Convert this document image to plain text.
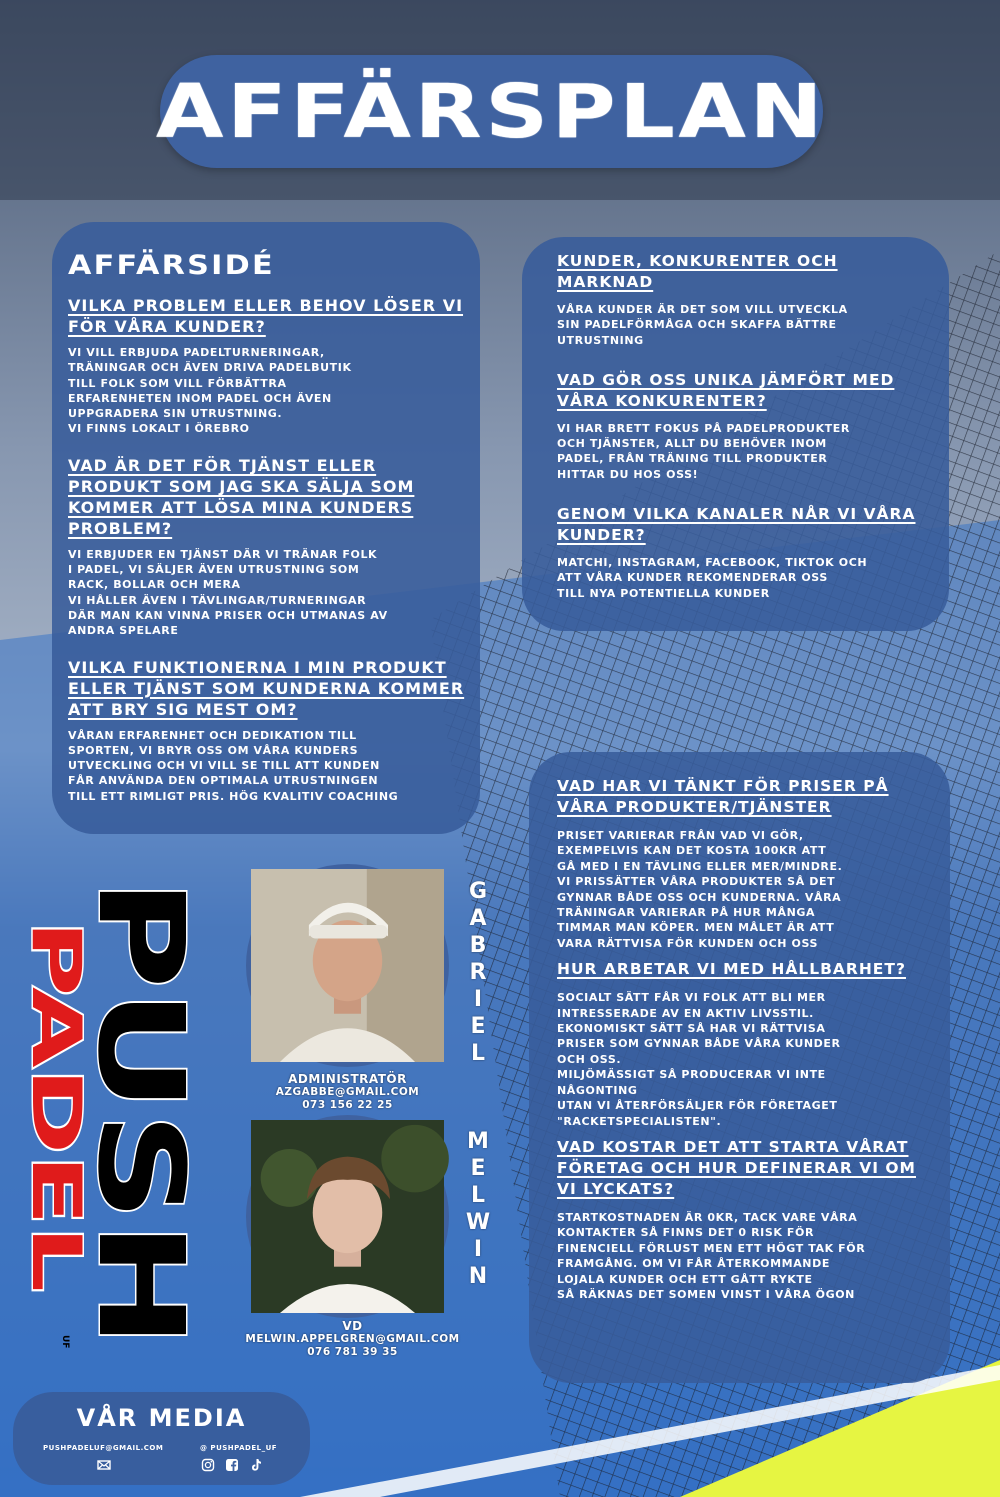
AFFÄRSPLAN

AFFÄRSIDÉ

VILKA PROBLEM ELLER BEHOV LÖSER VI FÖR VÅRA KUNDER?

VI VILL ERBJUDA PADELTURNERINGAR,
TRÄNINGAR OCH ÄVEN DRIVA PADELBUTIK
TILL FOLK SOM VILL FÖRBÄTTRA
ERFARENHETEN INOM PADEL OCH ÄVEN
UPPGRADERA SIN UTRUSTNING.
VI FINNS LOKALT I ÖREBRO

VAD ÄR DET FÖR TJÄNST ELLER PRODUKT SOM JAG SKA SÄLJA SOM KOMMER ATT LÖSA MINA KUNDERS PROBLEM?

VI ERBJUDER EN TJÄNST DÄR VI TRÄNAR FOLK
I PADEL, VI SÄLJER ÄVEN UTRUSTNING SOM
RACK, BOLLAR OCH MERA
VI HÅLLER ÄVEN I TÄVLINGAR/TURNERINGAR
DÄR MAN KAN VINNA PRISER OCH UTMANAS AV
ANDRA SPELARE

VILKA FUNKTIONERNA I MIN PRODUKT ELLER TJÄNST SOM KUNDERNA KOMMER ATT BRY SIG MEST OM?

VÅRAN ERFARENHET OCH DEDIKATION TILL
SPORTEN, VI BRYR OSS OM VÅRA KUNDERS
UTVECKLING OCH VI VILL SE TILL ATT KUNDEN
FÅR ANVÄNDA DEN OPTIMALA UTRUSTNINGEN
TILL ETT RIMLIGT PRIS. HÖG KVALITIV COACHING

KUNDER, KONKURENTER OCH MARKNAD

VÅRA KUNDER ÄR DET SOM VILL UTVECKLA
SIN PADELFÖRMÅGA OCH SKAFFA BÄTTRE
UTRUSTNING

VAD GÖR OSS UNIKA JÄMFÖRT MED VÅRA KONKURENTER?

VI HAR BRETT FOKUS PÅ PADELPRODUKTER
OCH TJÄNSTER, ALLT DU BEHÖVER INOM
PADEL, FRÅN TRÄNING TILL PRODUKTER
HITTAR DU HOS OSS!

GENOM VILKA KANALER NÅR VI VÅRA KUNDER?

MATCHI, INSTAGRAM, FACEBOOK, TIKTOK OCH
ATT VÅRA KUNDER REKOMENDERAR OSS
TILL NYA POTENTIELLA KUNDER

VAD HAR VI TÄNKT FÖR PRISER PÅ VÅRA PRODUKTER/TJÄNSTER

PRISET VARIERAR FRÅN VAD VI GÖR,
EXEMPELVIS KAN DET KOSTA 100KR ATT
GÅ MED I EN TÄVLING ELLER MER/MINDRE.
VI PRISSÄTTER VÅRA PRODUKTER SÅ DET
GYNNAR BÅDE OSS OCH KUNDERNA. VÅRA
TRÄNINGAR VARIERAR PÅ HUR MÅNGA
TIMMAR MAN KÖPER. MEN MÅLET ÄR ATT
VARA RÄTTVISA FÖR KUNDEN OCH OSS

HUR ARBETAR VI MED HÅLLBARHET?

SOCIALT SÄTT FÅR VI FOLK ATT BLI MER
INTRESSERADE AV EN AKTIV LIVSSTIL.
EKONOMISKT SÄTT SÅ HAR VI RÄTTVISA
PRISER SOM GYNNAR BÅDE VÅRA KUNDER
OCH OSS.
MILJÖMÄSSIGT SÅ PRODUCERAR VI INTE
NÅGONTING
UTAN VI ÅTERFÖRSÄLJER FÖR FÖRETAGET
"RACKETSPECIALISTEN".

VAD KOSTAR DET ATT STARTA VÅRAT FÖRETAG OCH HUR DEFINERAR VI OM VI LYCKATS?

STARTKOSTNADEN ÄR 0KR, TACK VARE VÅRA
KONTAKTER SÅ FINNS DET 0 RISK FÖR
FINENCIELL FÖRLUST MEN ETT HÖGT TAK FÖR
FRAMGÅNG. OM VI FÅR ÅTERKOMMANDE
LOJALA KUNDER OCH ETT GÅTT RYKTE
SÅ RÄKNAS DET SOMEN VINST I VÅRA ÖGON

PUSH
PADEL
UF
G
A
B
R
I
E
L
ADMINISTRATÖR
AZGABBE@GMAIL.COM
073 156 22 25
M
E
L
W
I
N
VD
MELWIN.APPELGREN@GMAIL.COM
076 781 39 35
VÅR MEDIA
PUSHPADELUF@GMAIL.COM	@ PUSHPADEL_UF
